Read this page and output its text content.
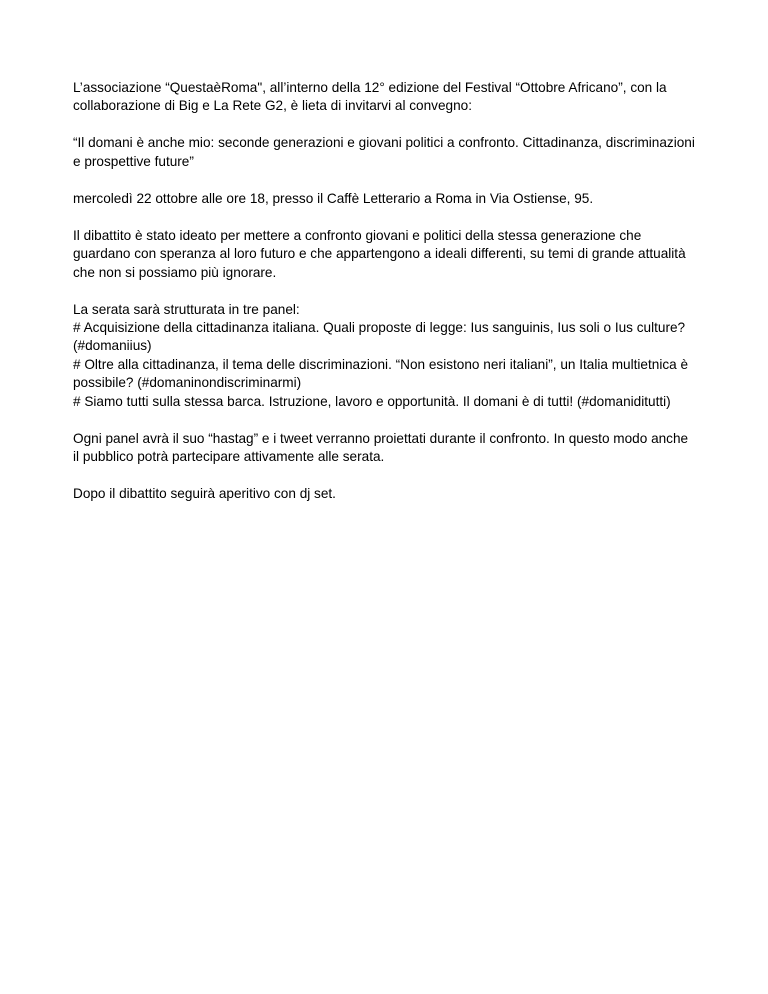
L’associazione “QuestaèRoma", all’interno della 12° edizione del Festival “Ottobre Africano”, con la
collaborazione di Big e La Rete G2, è lieta di invitarvi al convegno:

“Il domani è anche mio: seconde generazioni e giovani politici a confronto. Cittadinanza, discriminazioni
e prospettive future”

mercoledì 22 ottobre alle ore 18, presso il Caffè Letterario a Roma in Via Ostiense, 95.

Il dibattito è stato ideato per mettere a confronto giovani e politici della stessa generazione che
guardano con speranza al loro futuro e che appartengono a ideali differenti, su temi di grande attualità
che non si possiamo più ignorare.

La serata sarà strutturata in tre panel:
# Acquisizione della cittadinanza italiana. Quali proposte di legge: Ius sanguinis, Ius soli o Ius culture?
(#domaniius)
# Oltre alla cittadinanza, il tema delle discriminazioni. “Non esistono neri italiani”, un Italia multietnica è
possibile? (#domaninondiscriminarmi)
# Siamo tutti sulla stessa barca. Istruzione, lavoro e opportunità. Il domani è di tutti! (#domaniditutti)

Ogni panel avrà il suo “hastag” e i tweet verranno proiettati durante il confronto. In questo modo anche
il pubblico potrà partecipare attivamente alle serata.

Dopo il dibattito seguirà aperitivo con dj set.
